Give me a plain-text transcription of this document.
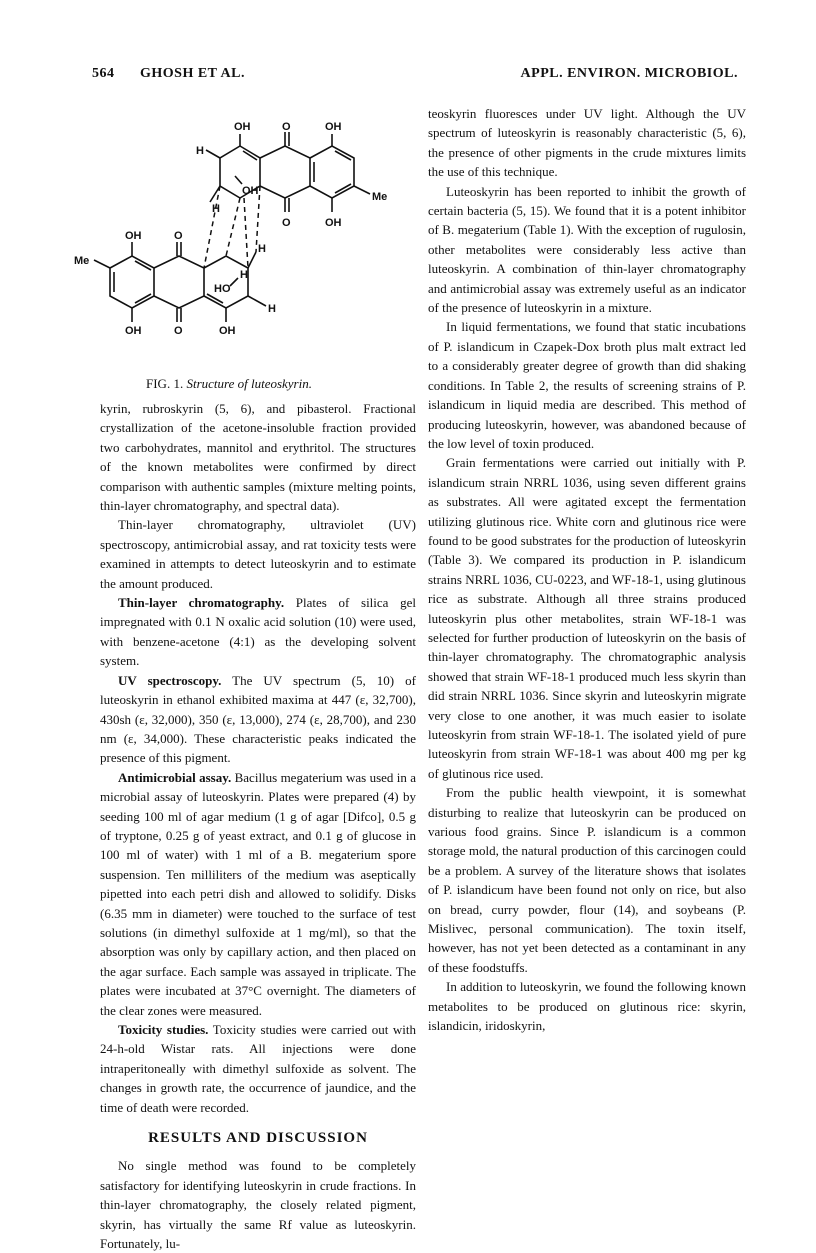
564 GHOSH ET AL.	APPL. ENVIRON. MICROBIOL.
OH	O	OH
H
OH
H
Me
O	OH
OH	O
H
Me
H
HO
H
OH	O	OH
FIG. 1. Structure of luteoskyrin.

kyrin, rubroskyrin (5, 6), and pibasterol. Fractional crystallization of the acetone-insoluble fraction provided two carbohydrates, mannitol and erythritol. The structures of the known metabolites were confirmed by direct comparison with authentic samples (mixture melting points, thin-layer chromatography, and spectral data).

Thin-layer chromatography, ultraviolet (UV) spectroscopy, antimicrobial assay, and rat toxicity tests were examined in attempts to detect luteoskyrin and to estimate the amount produced.

Thin-layer chromatography. Plates of silica gel impregnated with 0.1 N oxalic acid solution (10) were used, with benzene-acetone (4:1) as the developing solvent system.

UV spectroscopy. The UV spectrum (5, 10) of luteoskyrin in ethanol exhibited maxima at 447 (ε, 32,700), 430sh (ε, 32,000), 350 (ε, 13,000), 274 (ε, 28,700), and 230 nm (ε, 34,000). These characteristic peaks indicated the presence of this pigment.

Antimicrobial assay. Bacillus megaterium was used in a microbial assay of luteoskyrin. Plates were prepared (4) by seeding 100 ml of agar medium (1 g of agar [Difco], 0.5 g of tryptone, 0.25 g of yeast extract, and 0.1 g of glucose in 100 ml of water) with 1 ml of a B. megaterium spore suspension. Ten milliliters of the medium was aseptically pipetted into each petri dish and allowed to solidify. Disks (6.35 mm in diameter) were touched to the surface of test solutions (in dimethyl sulfoxide at 1 mg/ml), so that the absorption was only by capillary action, and then placed on the agar surface. Each sample was assayed in triplicate. The plates were incubated at 37°C overnight. The diameters of the clear zones were measured.

Toxicity studies. Toxicity studies were carried out with 24-h-old Wistar rats. All injections were done intraperitoneally with dimethyl sulfoxide as solvent. The changes in growth rate, the occurrence of jaundice, and the time of death were recorded.

RESULTS AND DISCUSSION

No single method was found to be completely satisfactory for identifying luteoskyrin in crude fractions. In thin-layer chromatography, the closely related pigment, skyrin, has virtually the same Rf value as luteoskyrin. Fortunately, lu-

teoskyrin fluoresces under UV light. Although the UV spectrum of luteoskyrin is reasonably characteristic (5, 6), the presence of other pigments in the crude mixtures limits the use of this technique.

Luteoskyrin has been reported to inhibit the growth of certain bacteria (5, 15). We found that it is a potent inhibitor of B. megaterium (Table 1). With the exception of rugulosin, other metabolites were considerably less active than luteoskyrin. A combination of thin-layer chromatography and antimicrobial assay was extremely useful as an indicator of the presence of luteoskyrin in a mixture.

In liquid fermentations, we found that static incubations of P. islandicum in Czapek-Dox broth plus malt extract led to a considerably greater degree of growth than did shaking conditions. In Table 2, the results of screening strains of P. islandicum in liquid media are described. This method of producing luteoskyrin, however, was abandoned because of the low level of toxin produced.

Grain fermentations were carried out initially with P. islandicum strain NRRL 1036, using seven different grains as substrates. All were agitated except the fermentation utilizing glutinous rice. White corn and glutinous rice were found to be good substrates for the production of luteoskyrin (Table 3). We compared its production in P. islandicum strains NRRL 1036, CU-0223, and WF-18-1, using glutinous rice as substrate. Although all three strains produced luteoskyrin plus other metabolites, strain WF-18-1 was selected for further production of luteoskyrin on the basis of thin-layer chromatography. The chromatographic analysis showed that strain WF-18-1 produced much less skyrin than did strain NRRL 1036. Since skyrin and luteoskyrin migrate very close to one another, it was much easier to isolate luteoskyrin from strain WF-18-1. The isolated yield of pure luteoskyrin from strain WF-18-1 was about 400 mg per kg of glutinous rice used.

From the public health viewpoint, it is somewhat disturbing to realize that luteoskyrin can be produced on various food grains. Since P. islandicum is a common storage mold, the natural production of this carcinogen could be a problem. A survey of the literature shows that isolates of P. islandicum have been found not only on rice, but also on bread, curry powder, flour (14), and soybeans (P. Mislivec, personal communication). The toxin itself, however, has not yet been detected as a contaminant in any of these foodstuffs.

In addition to luteoskyrin, we found the following known metabolites to be produced on glutinous rice: skyrin, islandicin, iridoskyrin,
